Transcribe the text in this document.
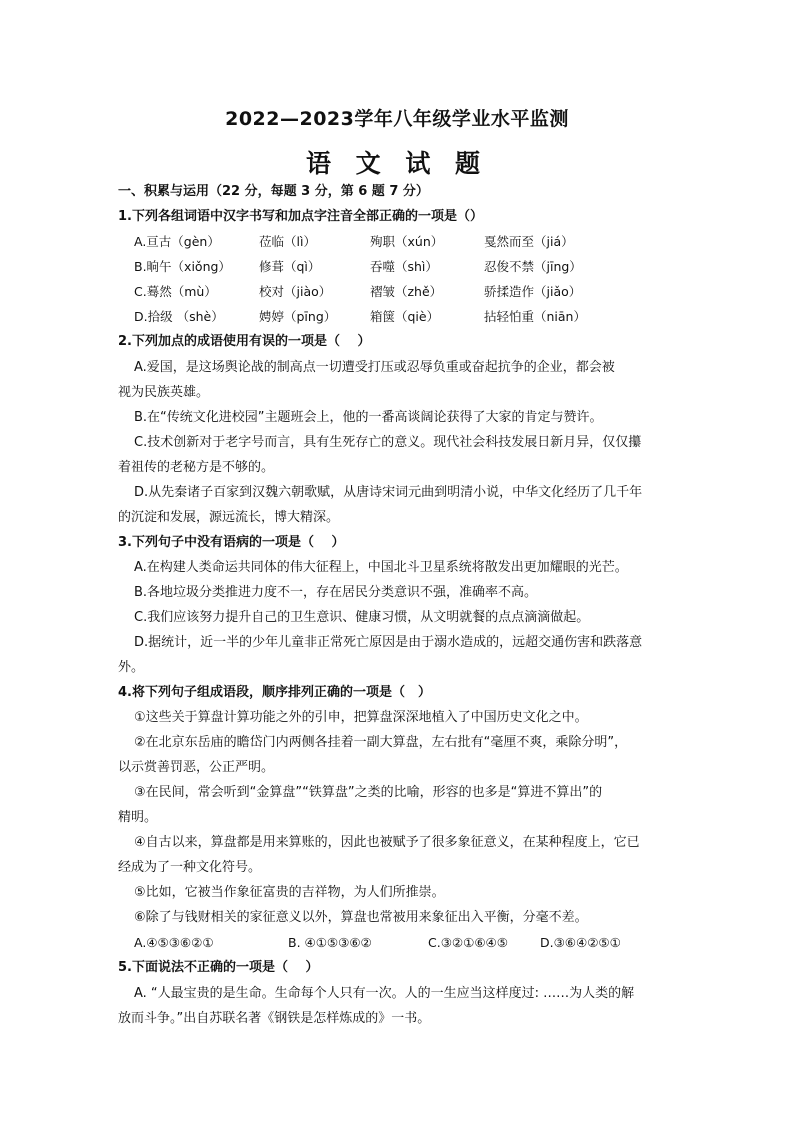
2022—2023学年八年级学业水平监测
语 文 试 题
一、积累与运用（22 分，每题 3 分，第 6 题 7 分）
1.下列各组词语中汉字书写和加点字注音全部正确的一项是（）
A.亘古（gèn）	莅临（lì）	殉职（xún）	戛然而至（jiá）
B.晌午（xiǒng） 修葺（qì）	吞噬（shì）	忍俊不禁（jīng）
C.蓦然（mù）	校对（jiào）	褶皱（zhě）	骄揉造作（jiǎo）
D.拾级 （shè）	娉婷（pīng）	箱箧（qiè）	拈轻怕重（niān）
2.下列加点的成语使用有误的一项是（　 ）
A.爱国，是这场舆论战的制高点一切遭受打压或忍辱负重或奋起抗争的企业，都会被
视为民族英雄。
B.在“传统文化进校园”主题班会上，他的一番高谈阔论获得了大家的肯定与赞许。
C.技术创新对于老字号而言，具有生死存亡的意义。现代社会科技发展日新月异，仅仅攥
着祖传的老秘方是不够的。
D.从先秦诸子百家到汉魏六朝歌赋，从唐诗宋词元曲到明清小说，中华文化经历了几千年
的沉淀和发展，源远流长，博大精深。
3.下列句子中没有语病的一项是（　 ）
A.在构建人类命运共同体的伟大征程上，中国北斗卫星系统将散发出更加耀眼的光芒。
B.各地垃圾分类推进力度不一，存在居民分类意识不强，准确率不高。
C.我们应该努力提升自己的卫生意识、健康习惯，从文明就餐的点点滴滴做起。
D.据统计，近一半的少年儿童非正常死亡原因是由于溺水造成的，远超交通伤害和跌落意
外。
4.将下列句子组成语段，顺序排列正确的一项是（　）
①这些关于算盘计算功能之外的引申，把算盘深深地植入了中国历史文化之中。
②在北京东岳庙的瞻岱门内两侧各挂着一副大算盘，左右批有“毫厘不爽，乘除分明”，
以示赏善罚恶，公正严明。
③在民间，常会听到“金算盘”“铁算盘”之类的比喻，形容的也多是“算进不算出”的
精明。
④自古以来，算盘都是用来算账的，因此也被赋予了很多象征意义，在某种程度上，它已
经成为了一种文化符号。
⑤比如，它被当作象征富贵的吉祥物，为人们所推崇。
⑥除了与钱财相关的家征意义以外，算盘也常被用来象征出入平衡，分毫不差。
A.④⑤③⑥②①	B. ④①⑤③⑥②	C.③②①⑥④⑤	D.③⑥④②⑤①
5.下面说法不正确的一项是（　 ）
A. “人最宝贵的是生命。生命每个人只有一次。人的一生应当这样度过: ……为人类的解
放而斗争。”出自苏联名著《钢铁是怎样炼成的》一书。
